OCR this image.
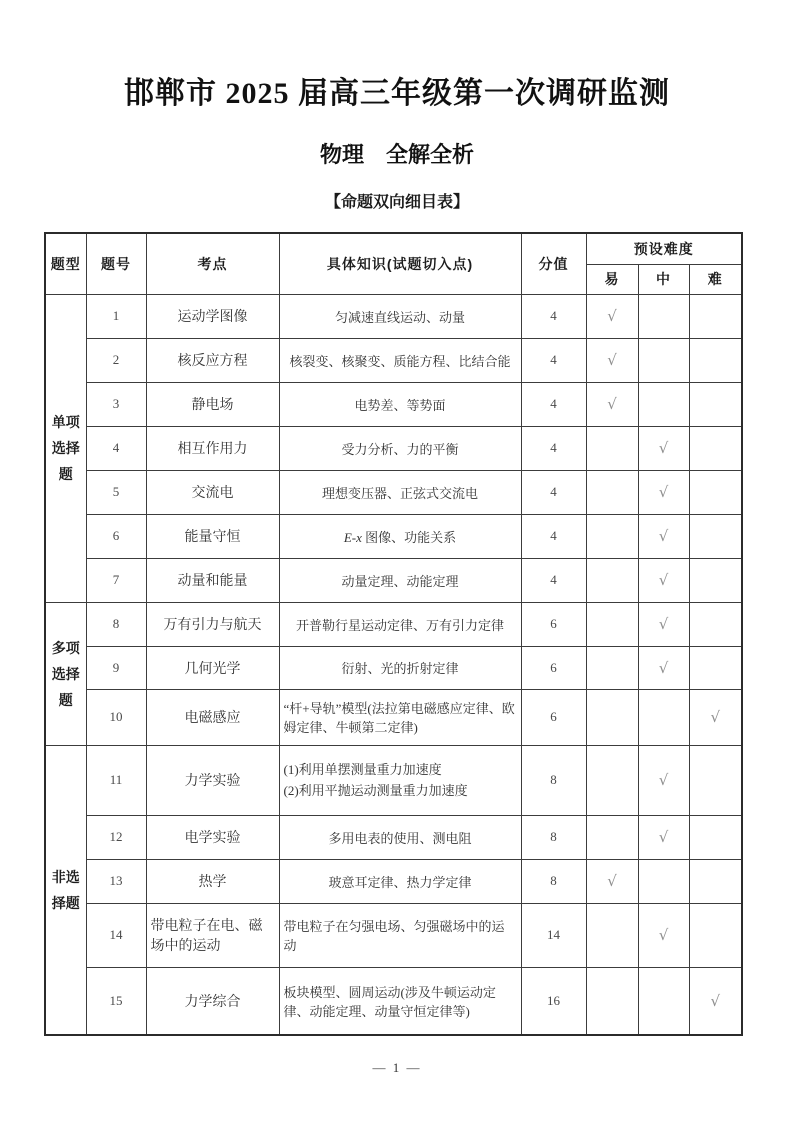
邯郸市 2025 届高三年级第一次调研监测
物理　全解全析
【命题双向细目表】
题型	题号	考点	具体知识(试题切入点)	分值	预设难度		
					易	中	难
单项选择题	1	运动学图像	匀减速直线运动、动量	4	√		
	2	核反应方程	核裂变、核聚变、质能方程、比结合能	4	√		
	3	静电场	电势差、等势面	4	√		
	4	相互作用力	受力分析、力的平衡	4		√	
	5	交流电	理想变压器、正弦式交流电	4		√	
	6	能量守恒	E-x 图像、功能关系	4		√	
	7	动量和能量	动量定理、动能定理	4		√	
多项选择题	8	万有引力与航天	开普勒行星运动定律、万有引力定律	6		√	
	9	几何光学	衍射、光的折射定律	6		√	
	10	电磁感应	“杆+导轨”模型(法拉第电磁感应定律、欧姆定律、牛顿第二定律)	6			√
非选择题	11	力学实验	(1)利用单摆测量重力加速度
(2)利用平抛运动测量重力加速度	8		√	
	12	电学实验	多用电表的使用、测电阻	8		√	
	13	热学	玻意耳定律、热力学定律	8	√		
	14	带电粒子在电、磁场中的运动	带电粒子在匀强电场、匀强磁场中的运动	14		√	
	15	力学综合	板块模型、圆周运动(涉及牛顿运动定律、动能定理、动量守恒定律等)	16			√
— 1 —
